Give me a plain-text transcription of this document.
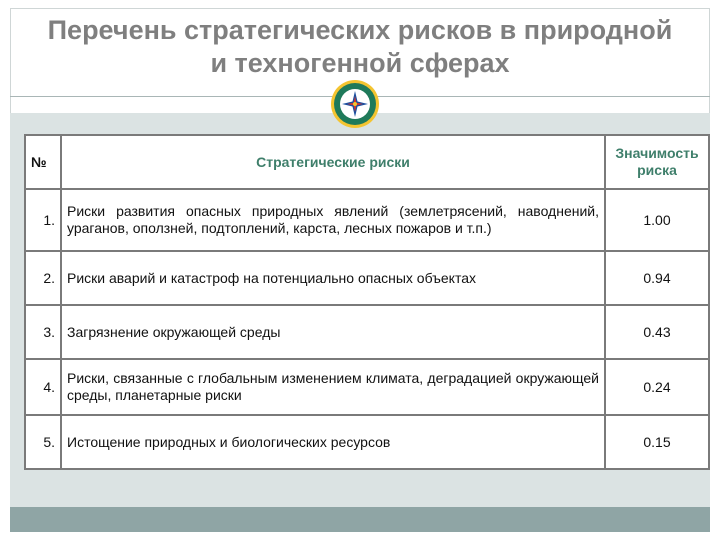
Перечень стратегических рисков в природной
и техногенной сферах
№	Стратегические риски	Значимость
риска

1.	Риски развития опасных природных явлений (землетрясений, наводнений, ураганов, оползней, подтоплений, карста, лесных пожаров и т.п.)	1.00
2.	Риски аварий и катастроф на потенциально опасных объектах	0.94
3.	Загрязнение окружающей среды	0.43
4.	Риски, связанные с глобальным изменением климата, деградацией окружающей среды, планетарные риски	0.24
5.	Истощение природных и биологических ресурсов	0.15
